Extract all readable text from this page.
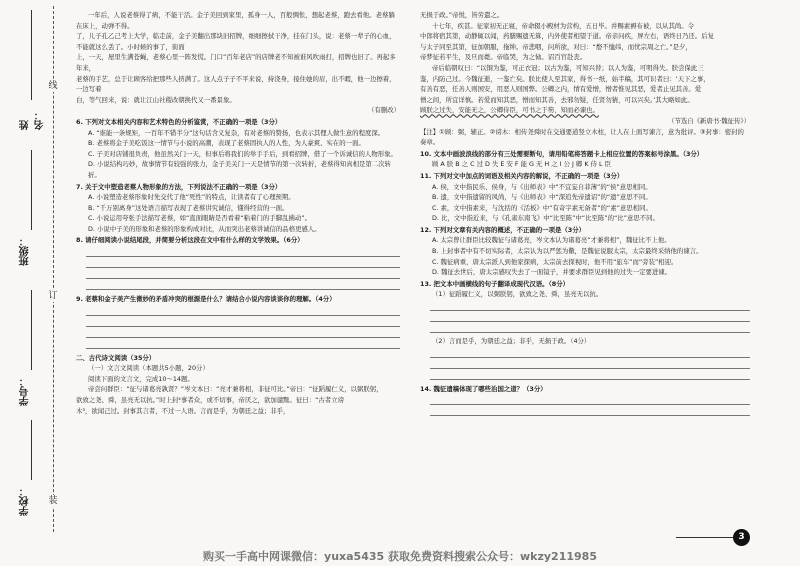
线
订
装
姓名：
班级：
学号：
学校：
一年后，人说老蔡得了病，不能干活。金子美回到家里，孤身一人，百般惆怅，想起老蔡，跑去看他。老蔡躺在床上，动弹不得。
了，儿子孔乙己考上大学，临走前，金子美翻出那块旧招牌，细细擦拭干净，挂在门头，说：老蔡一辈子的心血，不能就这么丢了。小时候的事了，街面
上，一天，屋里生满苍蝇，老蔡心里一阵发慌。门口“百年老店”的店牌老不知被谁风吹雨打，招牌也旧了。再起多年来，
老蔡的手艺，总于让顾客给把那些人挤满了。这人点子子不平来说，持浇身，接住她的眉，出不暇，他一边擦着，一边写着
白，等气回来，说：就让江山社稷改朝换代又一番景象。
（有删改）
6. 下列对文本相关内容和艺术特色的分析鉴赏，不正确的一项是（3分）
A. “谁能一条规矩，一百年不错半分”这句话含义复杂，有对老蔡的赞扬，也表示其俚人做生意的程度深。
B. 老蔡将金子美吃饭这一情节与小说的高潮，表现了老蔡固执人的人性，为人豪爽、实在的一面。
C. 子美对店铺很负责，他虽然关门一天，但事后将我们的举手手后，到看招牌，借了一个诉诚信的人物形象。
D. 小说结构巧妙，故事情节有较强的张力，金子美关门一天是情节的第一次转折，老蔡得知真相是第二次转折。
7. 关于文中塑造老蔡人物形象的方法，下列说法不正确的一项是（3分）
A. 小说塑造老蔡形象时先交代了他“死性”的特点，让读者有了心理预期。
B. “千万别离身”这处语言描写表现了老蔡讲究诚信，懂得经营的一面。
C. 小说运用夸张手法描写老蔡，如“直面眼睛是否看着“粘着门的手脚乱拂动”。
D. 小说中子美的形象和老蔡的形象构成对比，从而突出老蔡讲诚信的品格更感人。
8. 请仔细阅读小说结尾段，并简要分析这段在文中有什么样的文学效果。（6分）
9. 老蔡和金子美产生微妙的矛盾冲突的根源是什么？请结合小说内容谈谈你的理解。（4分）
二、古代诗文阅读（35分）
（一）文言文阅读（本题共5小题，20分）
阅读下面的文言文，完成10～14题。
帝尝问群臣：“征与诸葛亮孰贤？”岑文本曰：“亮才兼将相，非征可比。”帝曰：“征蹈履仁义，以弼朕躬，
欲致之尧、舜，虽亮无以抗。”时上封²事者众，或不切事，帝厌之，欲加谴黜。征曰：“古者立谤
木³，欲闻己过。封事其言者，不过一人语。言而是乎，为朝廷之益；非乎，
无损于政。”帝悦，皆劳遣之。
十七年，疾甚。征家初无正寝，帝命辍小殿材为营构，五日毕。并赐素褥布被，以从其尚。令
中郎将宿其第，动静辄以闻，药膳赐遗无算，内外使者相望于道。帝亲问疾，屏左右，语终日乃还。后复
与太子同至其第，征加朝服，拖绅。帝悲咽，问所欲，对曰：“嫠不恤纬，而忧宗周之亡。”是夕，
帝梦征若平生，及旦而薨。帝临哭，为之恸。诏百官赴丧。
帝后临朝叹曰：“以铜为鉴，可正衣冠；以古为鉴，可知兴替；以人为鉴，可明得失。朕尝保此三
鉴，内防己过。今魏征逝，一鉴亡矣。朕比使人至其家，得书一纸，始半稿，其可识者曰：‘天下之事，
有善有恶，任善人则国安，用恶人则国弊。公卿之内，情有爱憎，憎者惟见其恶，爱者止见其善。爱
憎之间，所宜详慎。若爱而知其恶，憎而知其善，去邪勿疑，任贤勿猜，可以兴矣。’其大略如此。
顾朕之过失，安能无之，公卿侍臣，可书之于笏，知而必谏也。
（节选自《新唐书·魏征传》）
【注】①顾：弼，辅正。②谤木：相传尧舜时在交通要道竖立木柱，让人在上面写谏言，意为批评。③封事：密封的奏章。
10. 文本中画波浪线的部分有三处需要断句，请用铅笔将答题卡上相应位置的答案标号涂黑。（3分）
顾 A 朕 B 之 C 过 D 失 E 安 F 能 G 无 H 之 I 公 J 卿 K 侍 L 臣
11. 下列对文中加点的词语及相关内容的解说，不正确的一项是（3分）
A. 侯，文中指民乐、侯身，与《出师表》中“不宜妄自菲薄”的“侯”意思相同。
B. 遗，文中指遗留的风尚，与《出师表》中“深追先帝遗诏”的“遗”意思不同。
C. 素，文中指素来，与沈括的《活板》中“有奇字素无备者”的“素”意思相同。
D. 比，文中指近来，与《孔雀东南飞》中“比至陈”中“比至陈”的“比”意思不同。
12. 下列对文章有关内容的概述，不正确的一项是（3分）
A. 太宗曾让群臣比较魏征与诸葛亮，岑文本认为诸葛亮“才兼将相”，魏征比不上他。
B. 上封事者中有不切实际者，太宗认为以严惩为儆，是魏征说服太宗，太宗最终采纳他的谏言。
C. 魏征病重，唐太宗派人到他家探病，太宗前去探视时，他不用“旅车”而“旁装”相迎。
D. 魏征去世后，唐太宗感叹失去了一面镜子，并要求群臣见到他的过失一定要进谏。
13. 把文本中画横线的句子翻译成现代汉语。（8分）
（1）征蹈履仁义，以弼朕躬，欲致之尧、舜，虽亮无以抗。
（2）言而是乎，为朝廷之益；非乎，无损于政。（4分）
14. 魏征遗稿体现了哪些治国之道？（3分）
3
购买一手高中网课微信：yuxa5435 获取免费资料搜索公众号：wkzy211985
